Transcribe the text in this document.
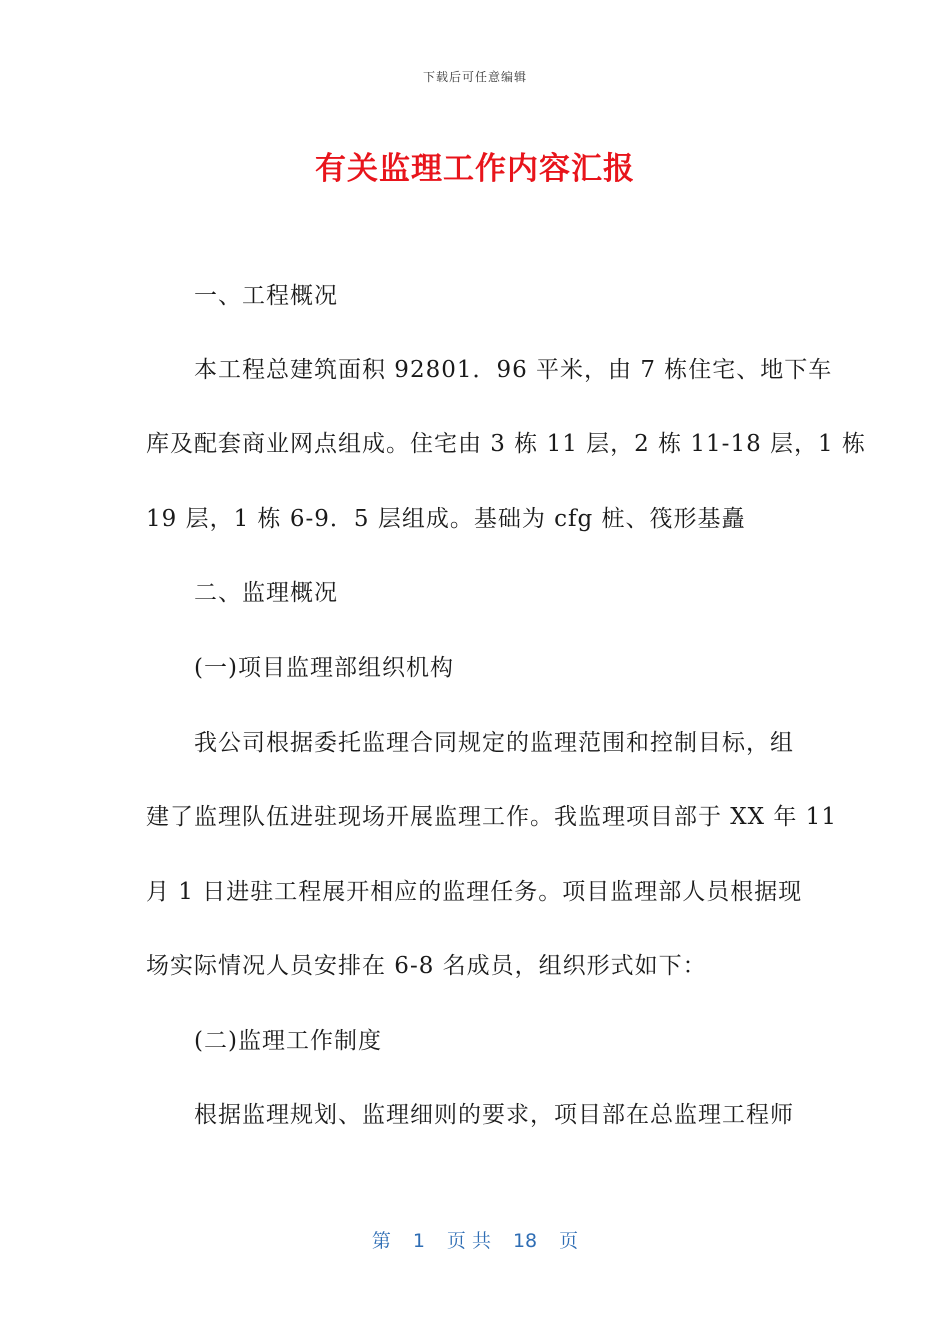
下载后可任意编辑
有关监理工作内容汇报
一、工程概况
本工程总建筑面积 92801．96 平米，由 7 栋住宅、地下车
库及配套商业网点组成。住宅由 3 栋 11 层，2 栋 11-18 层，1 栋
19 层，1 栋 6-9．5 层组成。基础为 cfg 桩、筏形基矗
二、监理概况
(一)项目监理部组织机构
我公司根据委托监理合同规定的监理范围和控制目标，组
建了监理队伍进驻现场开展监理工作。我监理项目部于 XX 年 11
月 1 日进驻工程展开相应的监理任务。项目监理部人员根据现
场实际情况人员安排在 6-8 名成员，组织形式如下：
(二)监理工作制度
根据监理规划、监理细则的要求，项目部在总监理工程师
第 1 页 共 18 页
